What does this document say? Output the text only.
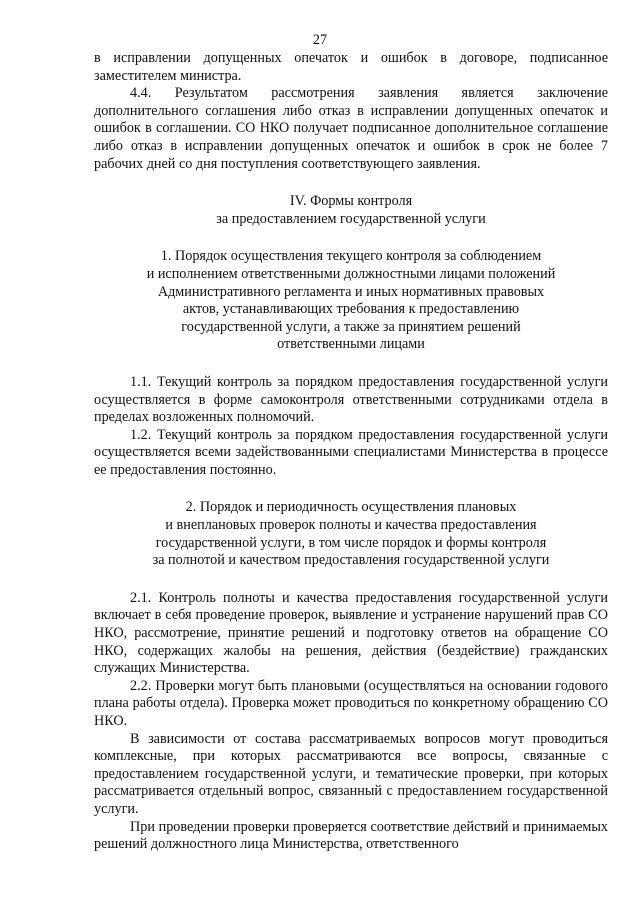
27

в исправлении допущенных опечаток и ошибок в договоре, подписанное заместителем министра.

4.4. Результатом рассмотрения заявления является заключение дополнительного соглашения либо отказ в исправлении допущенных опечаток и ошибок в соглашении. СО НКО получает подписанное дополнительное соглашение либо отказ в исправлении допущенных опечаток и ошибок в срок не более 7 рабочих дней со дня поступления соответствующего заявления.

IV. Формы контроля
за предоставлением государственной услуги
1. Порядок осуществления текущего контроля за соблюдением
и исполнением ответственными должностными лицами положений
Административного регламента и иных нормативных правовых
актов, устанавливающих требования к предоставлению
государственной услуги, а также за принятием решений
ответственными лицами

1.1. Текущий контроль за порядком предоставления государственной услуги осуществляется в форме самоконтроля ответственными сотрудниками отдела в пределах возложенных полномочий.

1.2. Текущий контроль за порядком предоставления государственной услуги осуществляется всеми задействованными специалистами Министерства в процессе ее предоставления постоянно.

2. Порядок и периодичность осуществления плановых
и внеплановых проверок полноты и качества предоставления
государственной услуги, в том числе порядок и формы контроля
за полнотой и качеством предоставления государственной услуги

2.1. Контроль полноты и качества предоставления государственной услуги включает в себя проведение проверок, выявление и устранение нарушений прав СО НКО, рассмотрение, принятие решений и подготовку ответов на обращение СО НКО, содержащих жалобы на решения, действия (бездействие) гражданских служащих Министерства.

2.2. Проверки могут быть плановыми (осуществляться на основании годового плана работы отдела). Проверка может проводиться по конкретному обращению СО НКО.

В зависимости от состава рассматриваемых вопросов могут проводиться комплексные, при которых рассматриваются все вопросы, связанные с предоставлением государственной услуги, и тематические проверки, при которых рассматривается отдельный вопрос, связанный с предоставлением государственной услуги.

При проведении проверки проверяется соответствие действий и принимаемых решений должностного лица Министерства, ответственного
